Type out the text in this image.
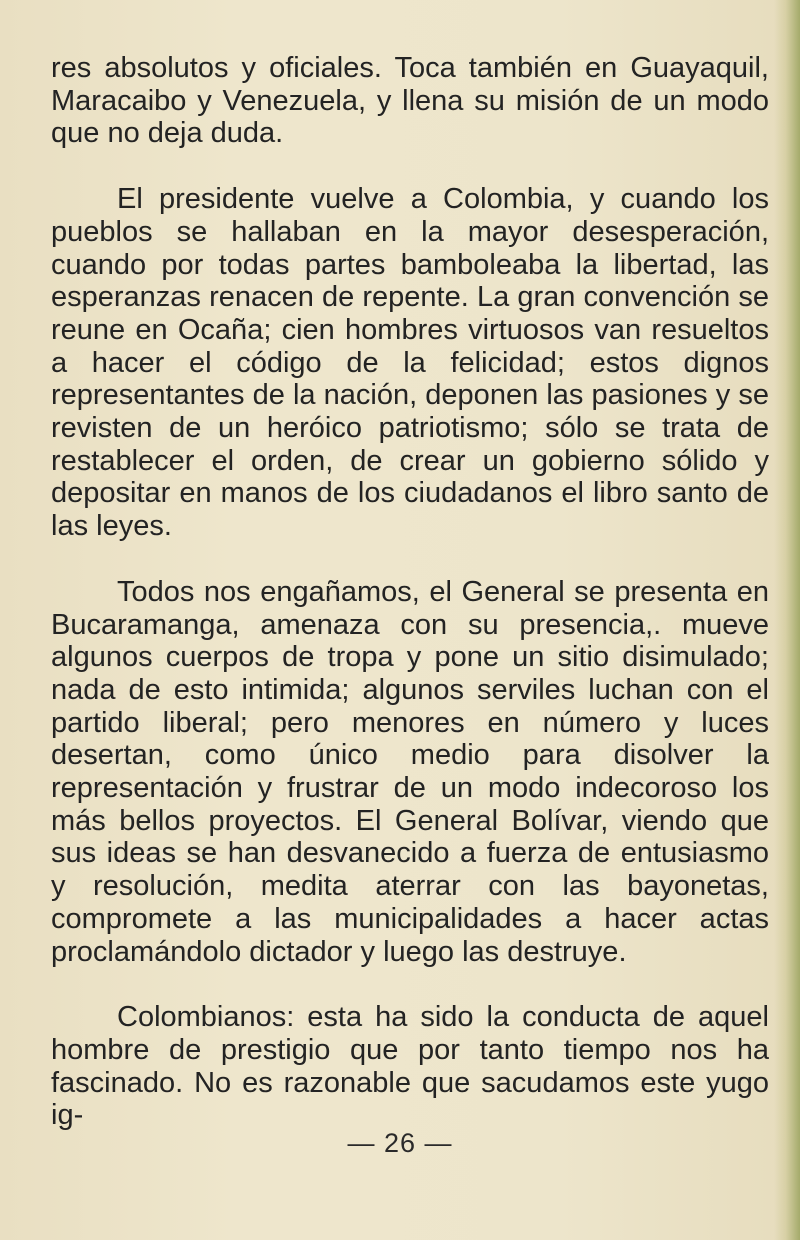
res absolutos y oficiales. Toca también en Guayaquil, Maracaibo y Venezuela, y llena su misión de un modo que no deja duda.

El presidente vuelve a Colombia, y cuando los pueblos se hallaban en la mayor desesperación, cuando por todas partes bamboleaba la libertad, las esperanzas renacen de repente. La gran convención se reune en Ocaña; cien hombres virtuosos van resueltos a hacer el código de la felicidad; estos dignos representantes de la nación, deponen las pasiones y se revisten de un heróico patriotismo; sólo se trata de restablecer el orden, de crear un gobierno sólido y depositar en manos de los ciudadanos el libro santo de las leyes.

Todos nos engañamos, el General se presenta en Bucaramanga, amenaza con su presencia,. mueve algunos cuerpos de tropa y pone un sitio disimulado; nada de esto intimida; algunos serviles luchan con el partido liberal; pero menores en número y luces desertan, como único medio para disolver la representación y frustrar de un modo indecoroso los más bellos proyectos. El General Bolívar, viendo que sus ideas se han desvanecido a fuerza de entusiasmo y resolución, medita aterrar con las bayonetas, compromete a las municipalidades a hacer actas proclamándolo dictador y luego las destruye.

Colombianos: esta ha sido la conducta de aquel hombre de prestigio que por tanto tiempo nos ha fascinado. No es razonable que sacudamos este yugo ig-

— 26 —
